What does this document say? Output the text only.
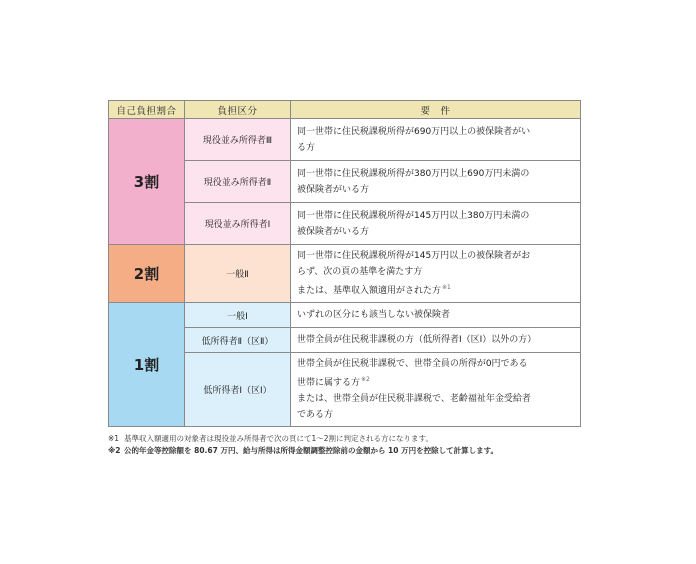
自己負担割合	負担区分	要　件
3割	現役並み所得者Ⅲ	同一世帯に住民税課税所得が690万円以上の被保険者がい
る方

	現役並み所得者Ⅱ	同一世帯に住民税課税所得が380万円以上690万円未満の
被保険者がいる方

	現役並み所得者Ⅰ	同一世帯に住民税課税所得が145万円以上380万円未満の
被保険者がいる方

2割	一般Ⅱ	同一世帯に住民税課税所得が145万円以上の被保険者がお
らず、次の頁の基準を満たす方
または、基準収入額適用がされた方$^{※1}$

1割	一般Ⅰ	いずれの区分にも該当しない被保険者

	低所得者Ⅱ（区Ⅱ）	世帯全員が住民税非課税の方（低所得者Ⅰ（区Ⅰ）以外の方）

	低所得者Ⅰ（区Ⅰ）	世帯全員が住民税非課税で、世帯全員の所得が0円である
世帯に属する方$^{※2}$
または、世帯全員が住民税非課税で、老齢福祉年金受給者
である方
※1 基準収入額適用の対象者は現役並み所得者で次の頁にて1～2割に判定される方になります。
※2 公的年金等控除額を 80.67 万円、給与所得は所得金額調整控除前の金額から 10 万円を控除して計算します。
